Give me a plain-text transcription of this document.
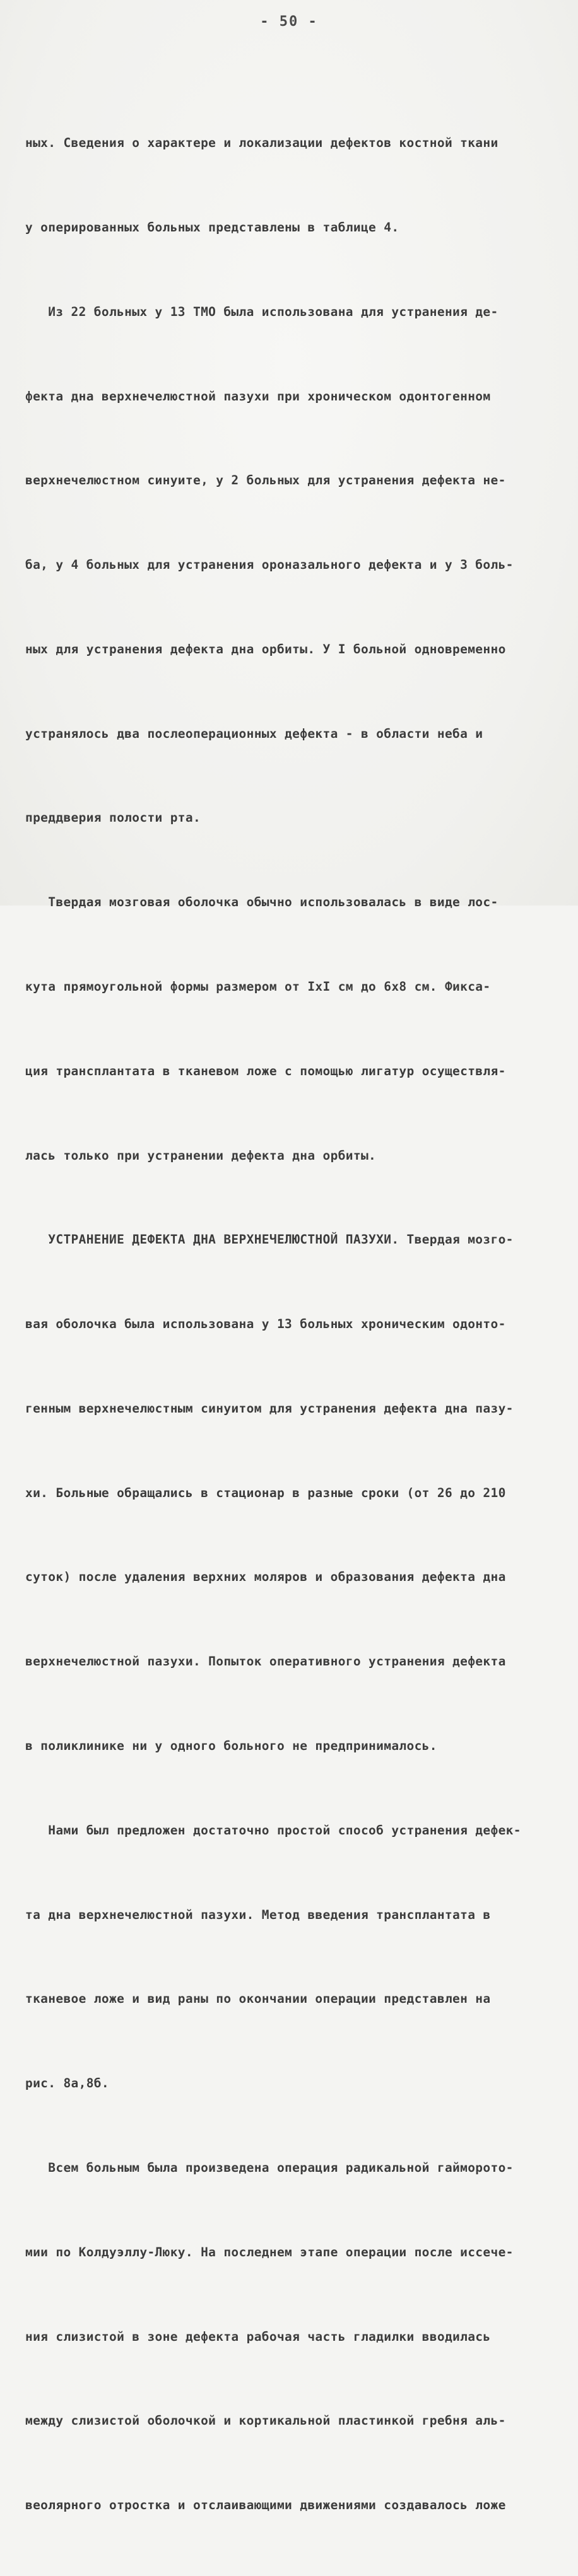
- 50 -

ных. Сведения о характере и локализации дефектов костной ткани

у оперированных больных представлены в таблице 4.

Из 22 больных у 13 ТМО была использована для устранения де-

фекта дна верхнечелюстной пазухи при хроническом одонтогенном

верхнечелюстном синуите, у 2 больных для устранения дефекта не-

ба, у 4 больных для устранения ороназального дефекта и у 3 боль-

ных для устранения дефекта дна орбиты. У I больной одновременно

устранялось два послеоперационных дефекта - в области неба и

преддверия полости рта.

Твердая мозговая оболочка обычно использовалась в виде лос-

кута прямоугольной формы размером от IxI см до 6х8 см. Фикса-

ция трансплантата в тканевом ложе с помощью лигатур осуществля-

лась только при устранении дефекта дна орбиты.

УСТРАНЕНИЕ ДЕФЕКТА ДНА ВЕРХНЕЧЕЛЮСТНОЙ ПАЗУХИ. Твердая мозго-

вая оболочка была использована у 13 больных хроническим одонто-

генным верхнечелюстным синуитом для устранения дефекта дна пазу-

хи. Больные обращались в стационар в разные сроки (от 26 до 210

суток) после удаления верхних моляров и образования дефекта дна

верхнечелюстной пазухи. Попыток оперативного устранения дефекта

в поликлинике ни у одного больного не предпринималось.

Нами был предложен достаточно простой способ устранения дефек-

та дна верхнечелюстной пазухи. Метод введения трансплантата в

тканевое ложе и вид раны по окончании операции представлен на

рис. 8а,8б.

Всем больным была произведена операция радикальной гайморото-

мии по Колдуэллу-Люку. На последнем этапе операции после иссече-

ния слизистой в зоне дефекта рабочая часть гладилки вводилась

между слизистой оболочкой и кортикальной пластинкой гребня аль-

веолярного отростка и отслаивающими движениями создавалось ложе
